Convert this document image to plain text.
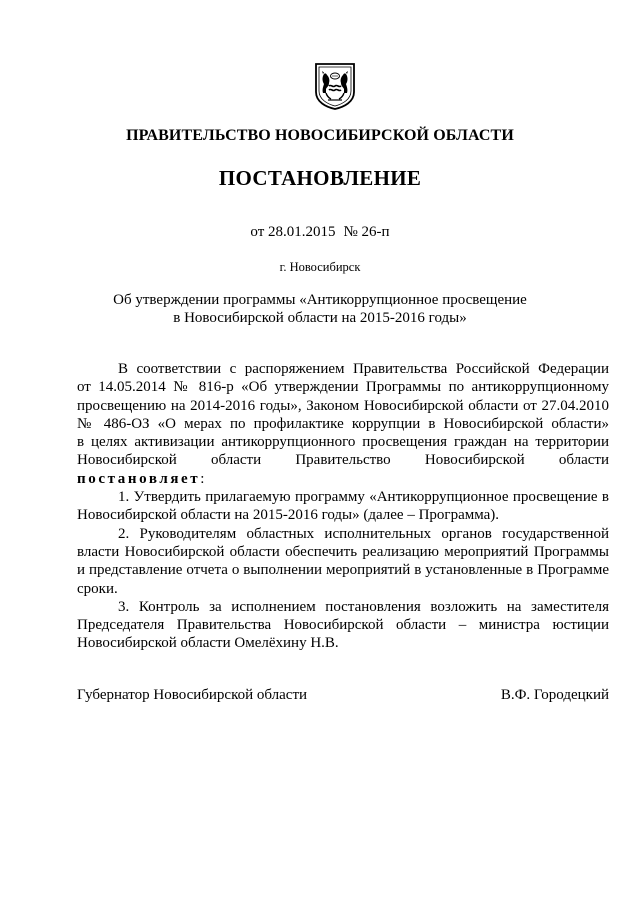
ПРАВИТЕЛЬСТВО НОВОСИБИРСКОЙ ОБЛАСТИ
ПОСТАНОВЛЕНИЕ
от 28.01.2015 № 26-п
г. Новосибирск
Об утверждении программы «Антикоррупционное просвещение
в Новосибирской области на 2015-2016 годы»

В соответствии с распоряжением Правительства Российской Федерации

от 14.05.2014 № 816-р «Об утверждении Программы по антикоррупционному

просвещению на 2014-2016 годы», Законом Новосибирской области от 27.04.2010

№ 486-ОЗ «О мерах по профилактике коррупции в Новосибирской области»

в целях активизации антикоррупционного просвещения граждан на территории

Новосибирской области Правительство Новосибирской области

постановляет:

1. Утвердить прилагаемую программу «Антикоррупционное просвещение в Новосибирской области на 2015-2016 годы» (далее – Программа).

2. Руководителям областных исполнительных органов государственной власти Новосибирской области обеспечить реализацию мероприятий Программы и представление отчета о выполнении мероприятий в установленные в Программе сроки.

3. Контроль за исполнением постановления возложить на заместителя Председателя Правительства Новосибирской области – министра юстиции Новосибирской области Омелёхину Н.В.

Губернатор Новосибирской области	В.Ф. Городецкий
